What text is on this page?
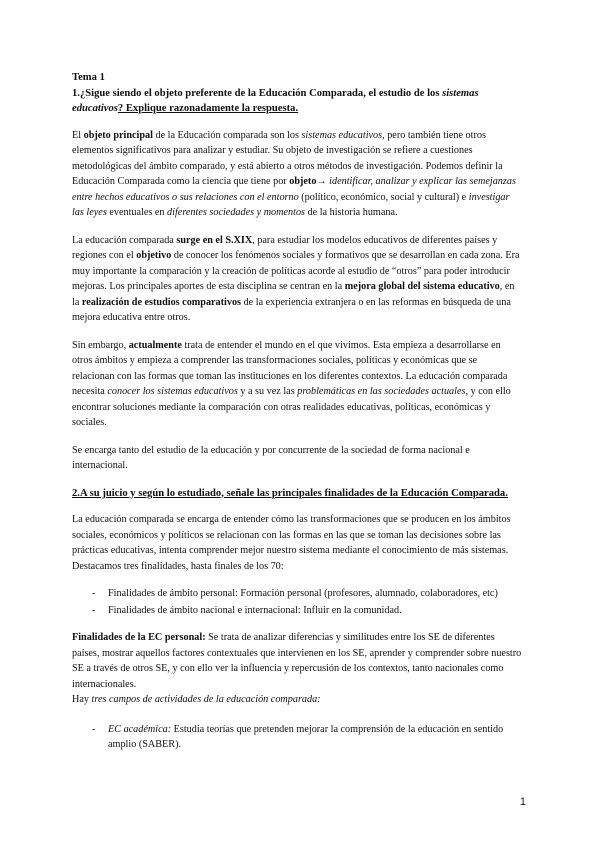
Tema 1

1.¿Sigue siendo el objeto preferente de la Educación Comparada, el estudio de los sistemas educativos? Explique razonadamente la respuesta.

El objeto principal de la Educación comparada son los sistemas educativos, pero también tiene otros elementos significativos para analizar y estudiar. Su objeto de investigación se refiere a cuestiones metodológicas del ámbito comparado, y está abierto a otros métodos de investigación. Podemos definir la Educación Comparada como la ciencia que tiene por objeto→ identificar, analizar y explicar las semejanzas entre hechos educativos o sus relaciones con el entorno (político, económico, social y cultural) e investigar las leyes eventuales en diferentes sociedades y momentos de la historia humana.

La educación comparada surge en el S.XIX, para estudiar los modelos educativos de diferentes países y regiones con el objetivo de conocer los fenómenos sociales y formativos que se desarrollan en cada zona. Era muy importante la comparación y la creación de políticas acorde al estudio de “otros” para poder introducir mejoras. Los principales aportes de esta disciplina se centran en la mejora global del sistema educativo, en la realización de estudios comparativos de la experiencia extranjera o en las reformas en búsqueda de una mejora educativa entre otros.

Sin embargo, actualmente trata de entender el mundo en el que vivimos. Esta empieza a desarrollarse en otros ámbitos y empieza a comprender las transformaciones sociales, políticas y económicas que se relacionan con las formas que toman las instituciones en los diferentes contextos. La educación comparada necesita conocer los sistemas educativos y a su vez las problemáticas en las sociedades actuales, y con ello encontrar soluciones mediante la comparación con otras realidades educativas, políticas, económicas y sociales.

Se encarga tanto del estudio de la educación y por concurrente de la sociedad de forma nacional e internacional.

2.A su juicio y según lo estudiado, señale las principales finalidades de la Educación Comparada.

La educación comparada se encarga de entender cómo las transformaciones que se producen en los ámbitos sociales, económicos y políticos se relacionan con las formas en las que se toman las decisiones sobre las prácticas educativas, intenta comprender mejor nuestro sistema mediante el conocimiento de más sistemas. Destacamos tres finalidades, hasta finales de los 70:

- Finalidades de ámbito personal: Formación personal (profesores, alumnado, colaboradores, etc)
- Finalidades de ámbito nacional e internacional: Influir en la comunidad.

Finalidades de la EC personal: Se trata de analizar diferencias y similitudes entre los SE de diferentes países, mostrar aquellos factores contextuales que intervienen en los SE, aprender y comprender sobre nuestro SE a través de otros SE, y con ello ver la influencia y repercusión de los contextos, tanto nacionales como internacionales.
Hay tres campos de actividades de la educación comparada:

- EC académica: Estudia teorías que pretenden mejorar la comprensión de la educación en sentido amplio (SABER).
1
